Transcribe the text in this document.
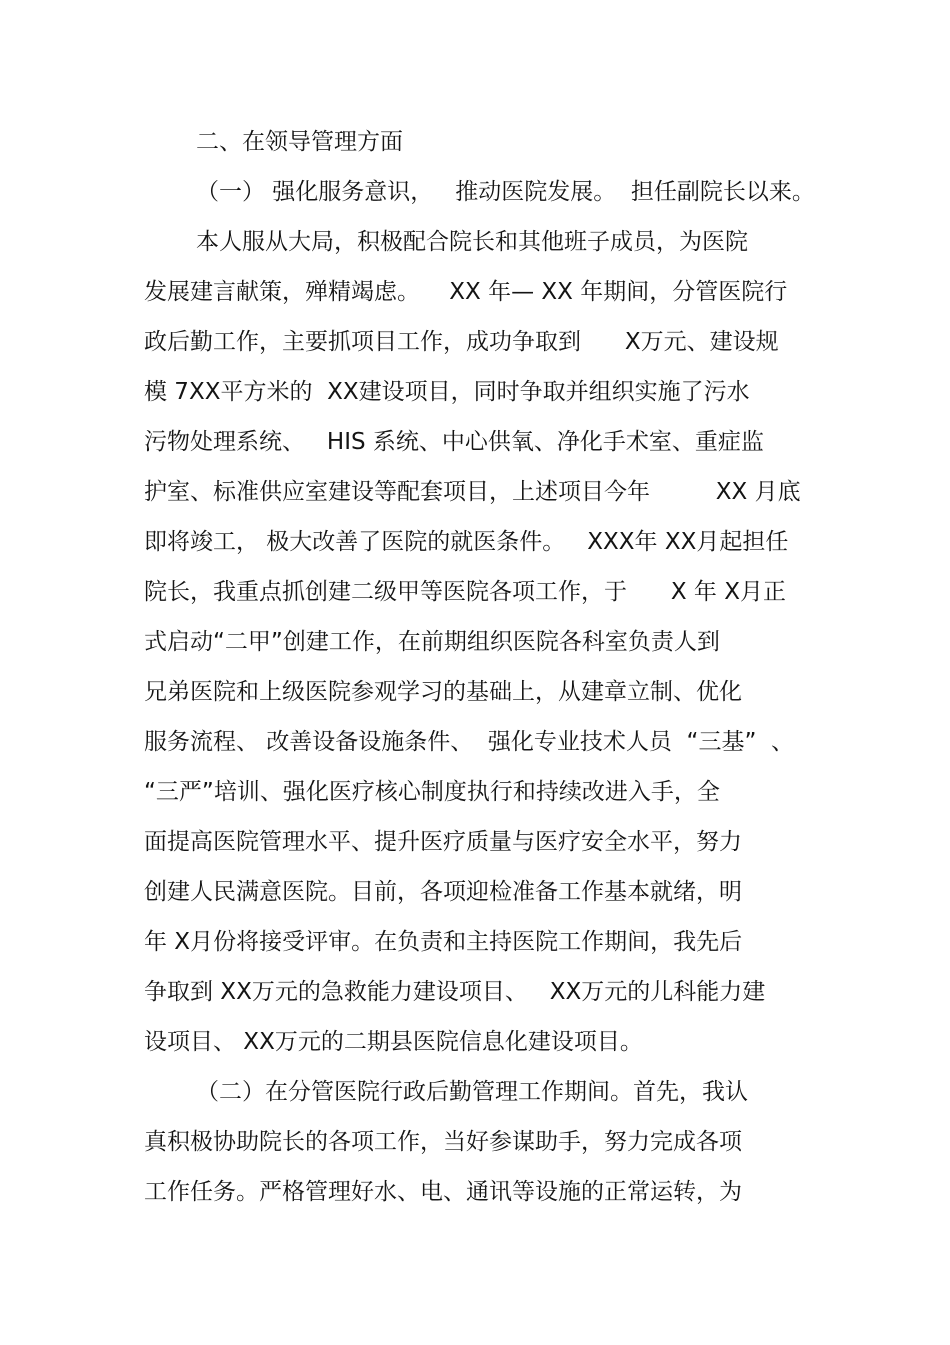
二、在领导管理方面

（一） 强化服务意识，   推动医院发展。  担任副院长以来。

本人服从大局，积极配合院长和其他班子成员，为医院

发展建言献策，殚精竭虑。    XX 年— XX 年期间，分管医院行

政后勤工作，主要抓项目工作，成功争取到      X万元、建设规

模 7XX平方米的  XX建设项目，同时争取并组织实施了污水

污物处理系统、   HIS 系统、中心供氧、净化手术室、重症监

护室、标准供应室建设等配套项目，上述项目今年         XX 月底

即将竣工， 极大改善了医院的就医条件。   XXX年 XX月起担任

院长，我重点抓创建二级甲等医院各项工作，于      X 年 X月正

式启动“二甲”创建工作，在前期组织医院各科室负责人到

兄弟医院和上级医院参观学习的基础上，从建章立制、优化

服务流程、 改善设备设施条件、  强化专业技术人员  “三基”  、

“三严”培训、强化医疗核心制度执行和持续改进入手，全

面提高医院管理水平、提升医疗质量与医疗安全水平，努力

创建人民满意医院。目前，各项迎检准备工作基本就绪，明

年 X月份将接受评审。在负责和主持医院工作期间，我先后

争取到 XX万元的急救能力建设项目、   XX万元的儿科能力建

设项目、 XX万元的二期县医院信息化建设项目。

（二）在分管医院行政后勤管理工作期间。首先，我认

真积极协助院长的各项工作，当好参谋助手，努力完成各项

工作任务。严格管理好水、电、通讯等设施的正常运转，为
